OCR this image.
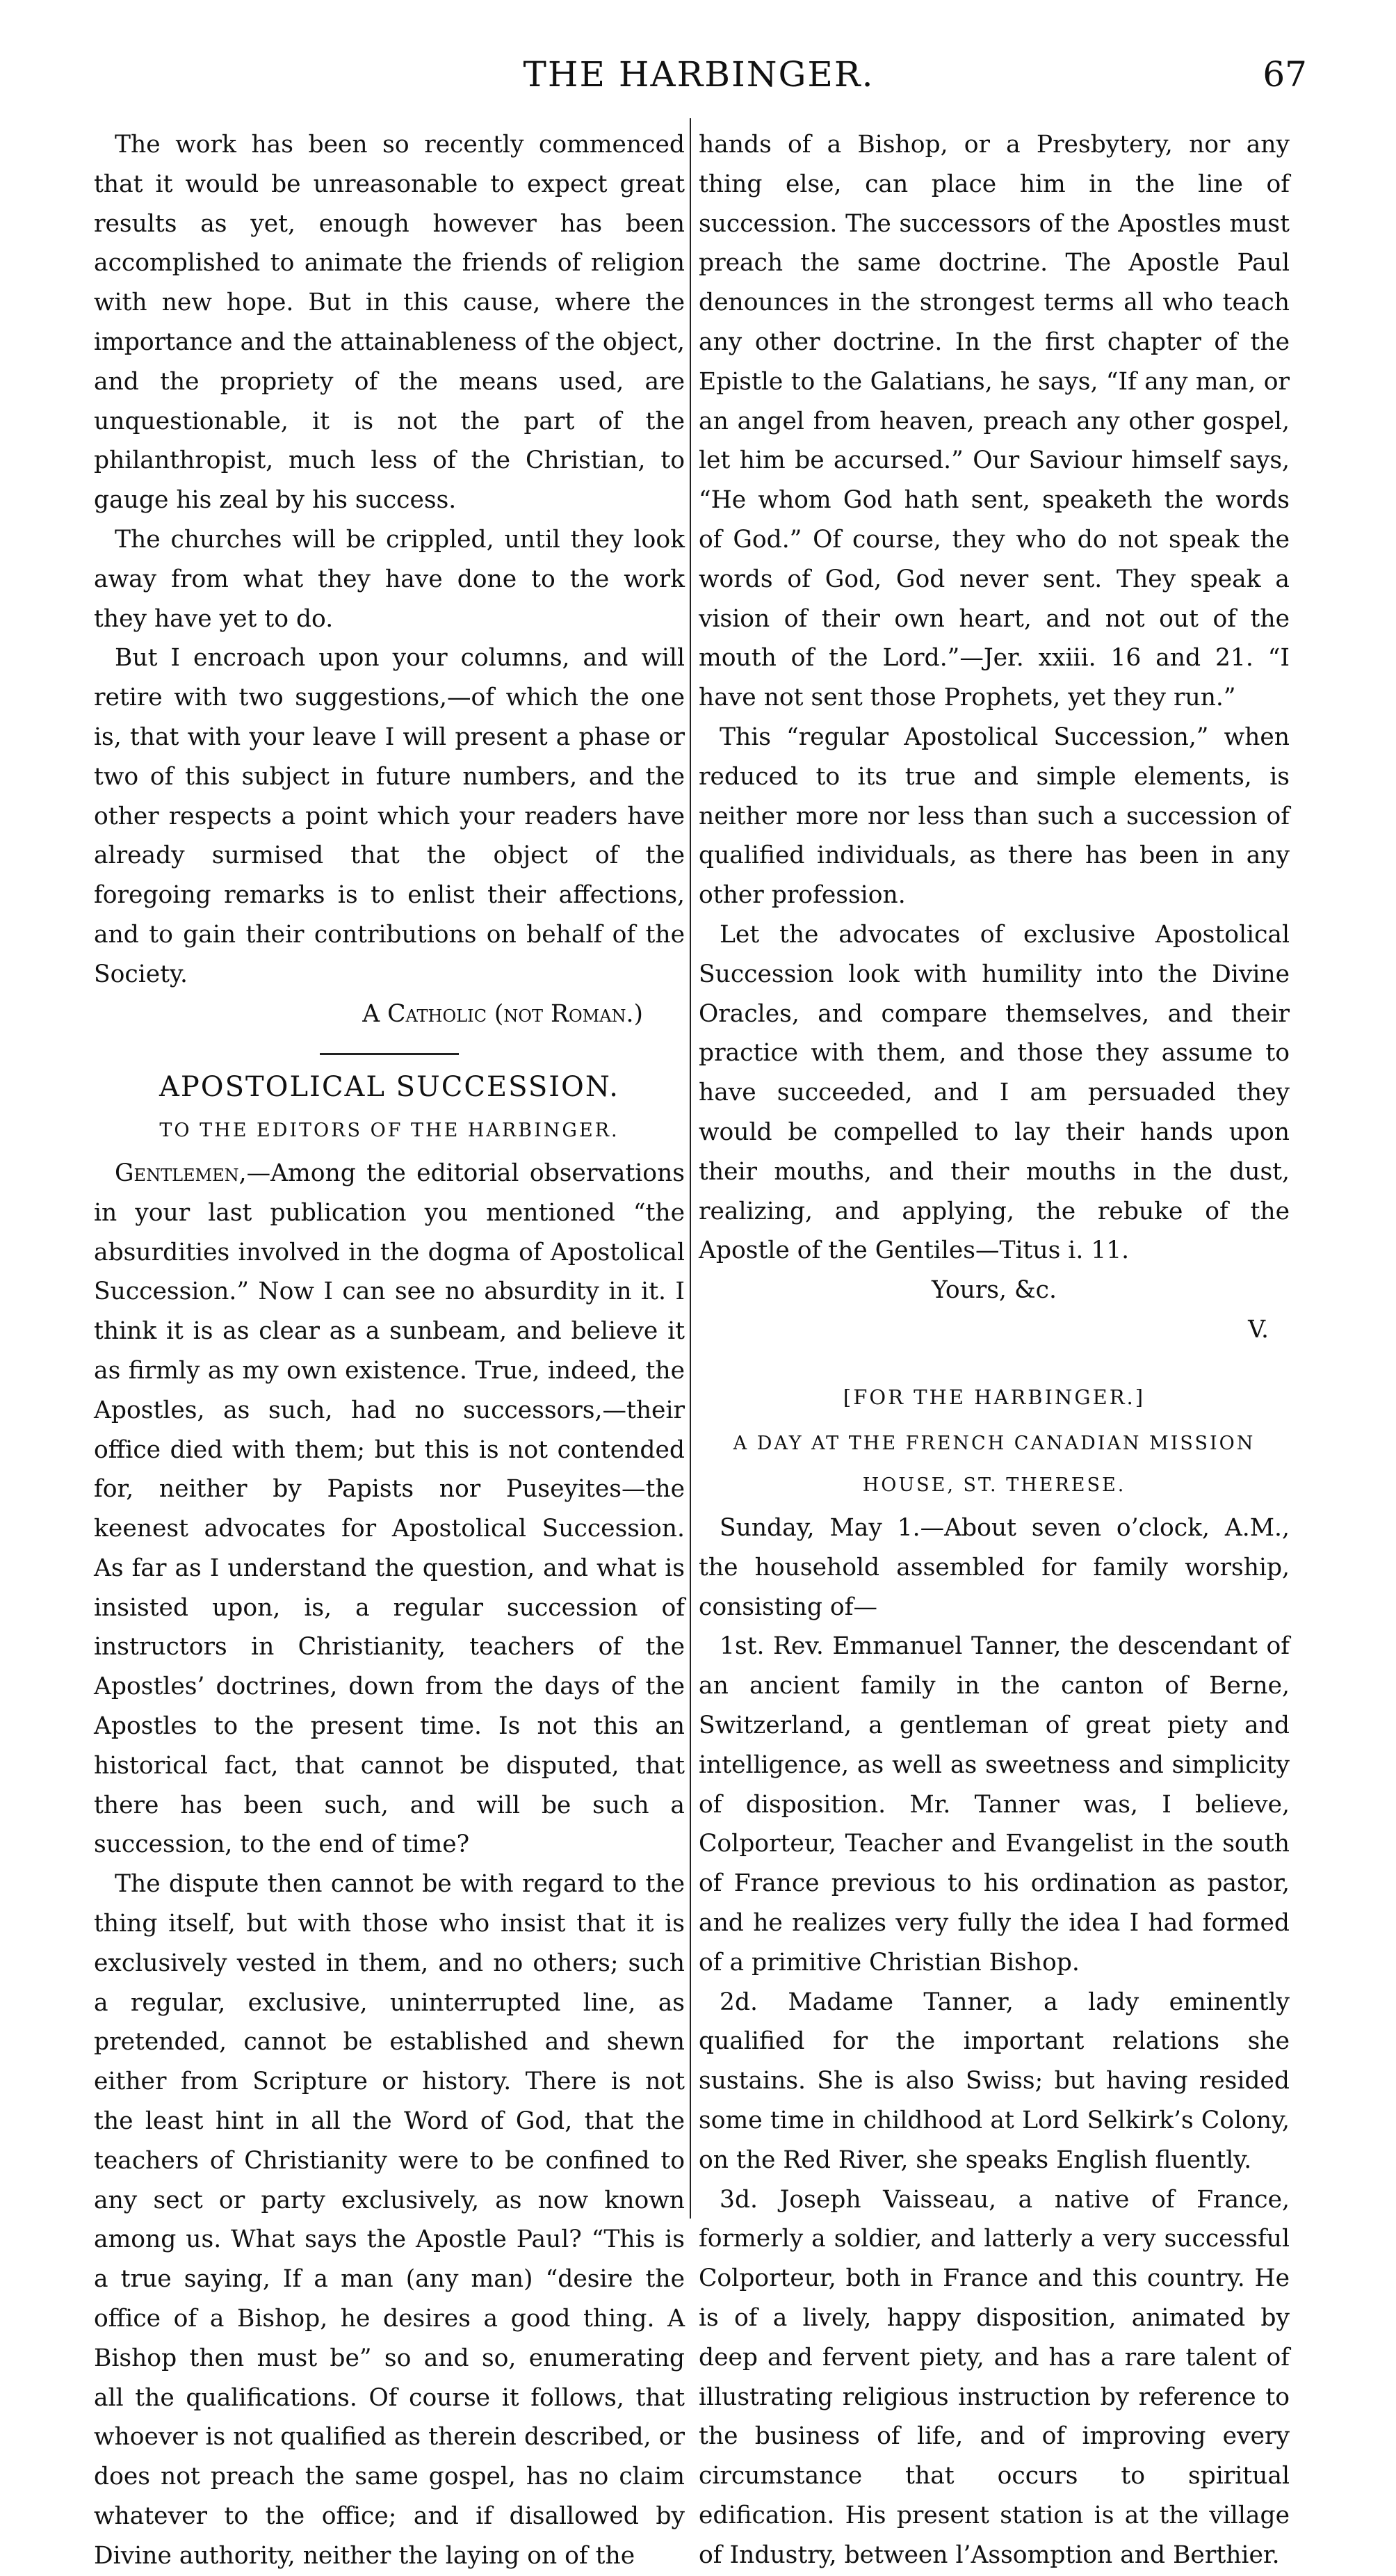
THE HARBINGER.	67

The work has been so recently commenced that it would be unreasonable to expect great results as yet, enough however has been accomplished to animate the friends of religion with new hope. But in this cause, where the importance and the attainableness of the object, and the propriety of the means used, are unquestionable, it is not the part of the philanthropist, much less of the Christian, to gauge his zeal by his success.

The churches will be crippled, until they look away from what they have done to the work they have yet to do.

But I encroach upon your columns, and will retire with two suggestions,—of which the one is, that with your leave I will present a phase or two of this subject in future numbers, and the other respects a point which your readers have already surmised that the object of the foregoing remarks is to enlist their affections, and to gain their contributions on behalf of the Society.

A Catholic (not Roman.)

APOSTOLICAL SUCCESSION.

TO THE EDITORS OF THE HARBINGER.

Gentlemen,—Among the editorial observations in your last publication you mentioned “the absurdities involved in the dogma of Apostolical Succession.” Now I can see no absurdity in it. I think it is as clear as a sunbeam, and believe it as firmly as my own existence. True, indeed, the Apostles, as such, had no successors,—their office died with them; but this is not contended for, neither by Papists nor Puseyites—the keenest advocates for Apostolical Succession. As far as I understand the question, and what is insisted upon, is, a regular succession of instructors in Christianity, teachers of the Apostles’ doctrines, down from the days of the Apostles to the present time. Is not this an historical fact, that cannot be disputed, that there has been such, and will be such a succession, to the end of time?

The dispute then cannot be with regard to the thing itself, but with those who insist that it is exclusively vested in them, and no others; such a regular, exclusive, uninterrupted line, as pretended, cannot be established and shewn either from Scripture or history. There is not the least hint in all the Word of God, that the teachers of Christianity were to be confined to any sect or party exclusively, as now known among us. What says the Apostle Paul? “This is a true saying, If a man (any man) “desire the office of a Bishop, he desires a good thing. A Bishop then must be” so and so, enumerating all the qualifications. Of course it follows, that whoever is not qualified as therein described, or does not preach the same gospel, has no claim whatever to the office; and if disallowed by Divine authority, neither the laying on of the

hands of a Bishop, or a Presbytery, nor any thing else, can place him in the line of succession. The successors of the Apostles must preach the same doctrine. The Apostle Paul denounces in the strongest terms all who teach any other doctrine. In the first chapter of the Epistle to the Galatians, he says, “If any man, or an angel from heaven, preach any other gospel, let him be accursed.” Our Saviour himself says, “He whom God hath sent, speaketh the words of God.” Of course, they who do not speak the words of God, God never sent. They speak a vision of their own heart, and not out of the mouth of the Lord.”—Jer. xxiii. 16 and 21. “I have not sent those Prophets, yet they run.”

This “regular Apostolical Succession,” when reduced to its true and simple elements, is neither more nor less than such a succession of qualified individuals, as there has been in any other profession.

Let the advocates of exclusive Apostolical Succession look with humility into the Divine Oracles, and compare themselves, and their practice with them, and those they assume to have succeeded, and I am persuaded they would be compelled to lay their hands upon their mouths, and their mouths in the dust, realizing, and applying, the rebuke of the Apostle of the Gentiles—Titus i. 11.

Yours, &c.

V.

[FOR THE HARBINGER.]

A DAY AT THE FRENCH CANADIAN MISSION

HOUSE, ST. THERESE.

Sunday, May 1.—About seven o’clock, A.M., the household assembled for family worship, consisting of—

1st. Rev. Emmanuel Tanner, the descendant of an ancient family in the canton of Berne, Switzerland, a gentleman of great piety and intelligence, as well as sweetness and simplicity of disposition. Mr. Tanner was, I believe, Colporteur, Teacher and Evangelist in the south of France previous to his ordination as pastor, and he realizes very fully the idea I had formed of a primitive Christian Bishop.

2d. Madame Tanner, a lady eminently qualified for the important relations she sustains. She is also Swiss; but having resided some time in childhood at Lord Selkirk’s Colony, on the Red River, she speaks English fluently.

3d. Joseph Vaisseau, a native of France, formerly a soldier, and latterly a very successful Colporteur, both in France and this country. He is of a lively, happy disposition, animated by deep and fervent piety, and has a rare talent of illustrating religious instruction by reference to the business of life, and of improving every circumstance that occurs to spiritual edification. His present station is at the village of Industry, between l’Assomption and Berthier.
